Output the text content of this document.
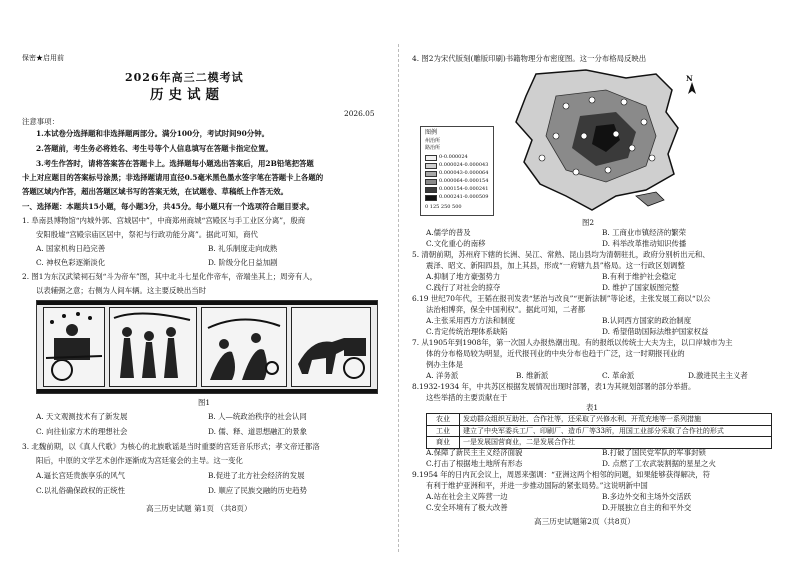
保密★启用前
2026年高三二模考试
历史试题
2026.05
注意事项：
1.本试卷分选择题和非选择题两部分。满分100分，考试时间90分钟。
2.答题前，考生务必将姓名、考生号等个人信息填写在答题卡指定位置。
3.考生作答时，请将答案答在答题卡上。选择题每小题选出答案后，用2B铅笔把答题
卡上对应题目的答案标号涂黑；非选择题请用直径0.5毫米黑色墨水签字笔在答题卡上各题的
答题区域内作答，超出答题区域书写的答案无效，在试题卷、草稿纸上作答无效。
一、选择题：本题共15小题，每小题3分，共45分。每小题只有一个选项符合题目要求。
1. 阜南县博物馆“内城外郭、宫城居中”，中商郑州商城“宫殿区与手工业区分离”，殷商
安阳殷墟“宫殿宗庙区居中，祭祀与行政功能分离”。据此可知，商代
A. 国家机构日趋完善	B. 礼乐制度走向成熟
C. 神权色彩逐渐淡化	D. 阶级分化日益加剧
2. 图1为东汉武梁祠石刻“斗为帝车”图，其中北斗七星化作帝车，帝端坐其上；周旁有人，
以表辅弼之意；右侧为人间车辆。这主要反映出当时
图1
A. 天文观测技术有了新发展	B. 人—统政治秩序的社会认同
C. 向往仙家方术的理想社会	D. 儒、释、道思想融汇的景象
3. 北魏前期，以《真人代歌》为核心的北族歌谣是当时重要的宫廷音乐形式；孝文帝迁都洛
阳后，中原的文学艺术创作逐渐成为宫廷宴会的主导。这一变化
A.逼长宫廷贵族享乐的风气	B.促进了北方社会经济的发展
C.以礼俗确保政权的正统性	D. 顺应了民族交融的历史趋势
高三历史试题 第1页 （共8页）
4. 图2为宋代版刻(雕版印刷)书籍物理分布密度图。这一分布格局反映出
N
图例
州治所
路治所
0-0.000024
0.000024-0.000043
0.000043-0.000064
0.000064-0.000154
0.000154-0.000241
0.000241-0.000509
0 125 250 500
图2
A.儒学的普及	B. 工商业市镇经济的繁荣
C.文化重心的南移	D. 科举改革推动知识传播
5. 清朝前期，苏州府下辖的长洲、吴江、常熟、昆山县均为清朝驻扎，政府分别析出元和、
震泽、昭文、新阳四县，加上其县，形成“一府辖九县”格局。这一行政区划调整
A.抑制了地方豪强势力	B.有利于维护社会稳定
C.践行了对社会的掠夺	D. 维护了国家版图完整
6.19 世纪70年代，王韬在报刊发表“惩治与改良”“更新法制”等论述，主张发展工商以“以公
法治相博弈，保全中国利权”。据此可知，二者都
A.主张采用西方方法和制度	B.认同西方国家的政治制度
C.肯定传统治理体系缺陷	D. 希望借助国际法维护国家权益
7. 从1905年到1908年，第一次国人办报热潮出现。有的报纸以传统士大夫为主，以口岸城市为主
体的分布格局较为明显，近代报刊业的中央分布也趋于广泛，这一时期报刊业的
例办主体是
A. 洋务派	B. 维新派	C. 革命派	D.激进民主主义者
8.1932-1934 年，中共苏区根据发展情况出现时部署，表1为其规划部署的部分举措。
这些举措的主要贡献在于
表1
农业	发动群众组织互助社、合作社等，还采取了兴修水利、开荒充地等一系列措施
工业	建立了中央军委兵工厂、印刷厂、造币厂等33所，用国工业部分采取了合作社的形式
商业	一是发展国营商业，二是发展合作社
A.保障了新民主主义经济面貌	B.打破了国民党军队的军事封锁
C.打击了根据地土地所有形态	D. 点燃了工农武装割据的星星之火
9.1954 年的日内瓦会议上，周恩来强调：“亚洲这两个相邻的问题，如果能够获得解决，符
有利于维护亚洲和平，并进一步推动国际的紧张局势。”这说明新中国
A.站在社会主义阵营一边	B.多边外交和主场外交活跃
C.安全环境有了极大改善	D.开展独立自主的和平外交
高三历史试题第2页（共8页）
